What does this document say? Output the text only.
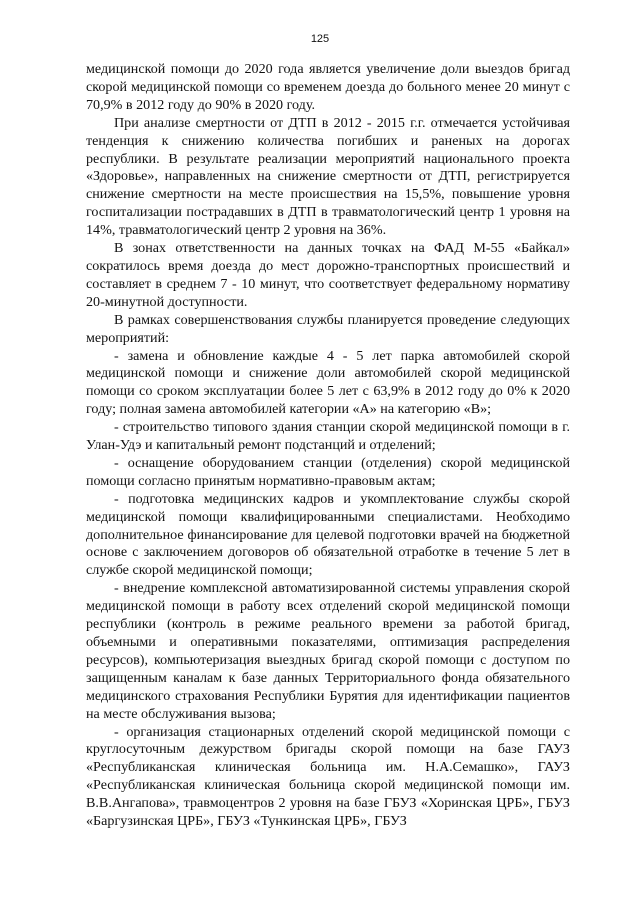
125

медицинской помощи до 2020 года является увеличение доли выездов бригад скорой медицинской помощи со временем доезда до больного менее 20 минут с 70,9% в 2012 году до 90% в 2020 году.

При анализе смертности от ДТП в 2012 - 2015 г.г. отмечается устойчивая тенденция к снижению количества погибших и раненых на дорогах республики. В результате реализации мероприятий национального проекта «Здоровье», направленных на снижение смертности от ДТП, регистрируется снижение смертности на месте происшествия на 15,5%, повышение уровня госпитализации пострадавших в ДТП в травматологический центр 1 уровня на 14%, травматологический центр 2 уровня на 36%.

В зонах ответственности на данных точках на ФАД М-55 «Байкал» сократилось время доезда до мест дорожно-транспортных происшествий и составляет в среднем 7 - 10 минут, что соответствует федеральному нормативу 20-минутной доступности.

В рамках совершенствования службы планируется проведение следующих мероприятий:

- замена и обновление каждые 4 - 5 лет парка автомобилей скорой медицинской помощи и снижение доли автомобилей скорой медицинской помощи со сроком эксплуатации более 5 лет с 63,9% в 2012 году до 0% к 2020 году; полная замена автомобилей категории «А» на категорию «В»;

- строительство типового здания станции скорой медицинской помощи в г. Улан-Удэ и капитальный ремонт подстанций и отделений;

- оснащение оборудованием станции (отделения) скорой медицинской помощи согласно принятым нормативно-правовым актам;

- подготовка медицинских кадров и укомплектование службы скорой медицинской помощи квалифицированными специалистами. Необходимо дополнительное финансирование для целевой подготовки врачей на бюджетной основе с заключением договоров об обязательной отработке в течение 5 лет в службе скорой медицинской помощи;

- внедрение комплексной автоматизированной системы управления скорой медицинской помощи в работу всех отделений скорой медицинской помощи республики (контроль в режиме реального времени за работой бригад, объемными и оперативными показателями, оптимизация распределения ресурсов), компьютеризация выездных бригад скорой помощи с доступом по защищенным каналам к базе данных Территориального фонда обязательного медицинского страхования Республики Бурятия для идентификации пациентов на месте обслуживания вызова;

- организация стационарных отделений скорой медицинской помощи с круглосуточным дежурством бригады скорой помощи на базе ГАУЗ «Республиканская клиническая больница им. Н.А.Семашко», ГАУЗ «Республиканская клиническая больница скорой медицинской помощи им. В.В.Ангапова», травмоцентров 2 уровня на базе ГБУЗ «Хоринская ЦРБ», ГБУЗ «Баргузинская ЦРБ», ГБУЗ «Тункинская ЦРБ», ГБУЗ
